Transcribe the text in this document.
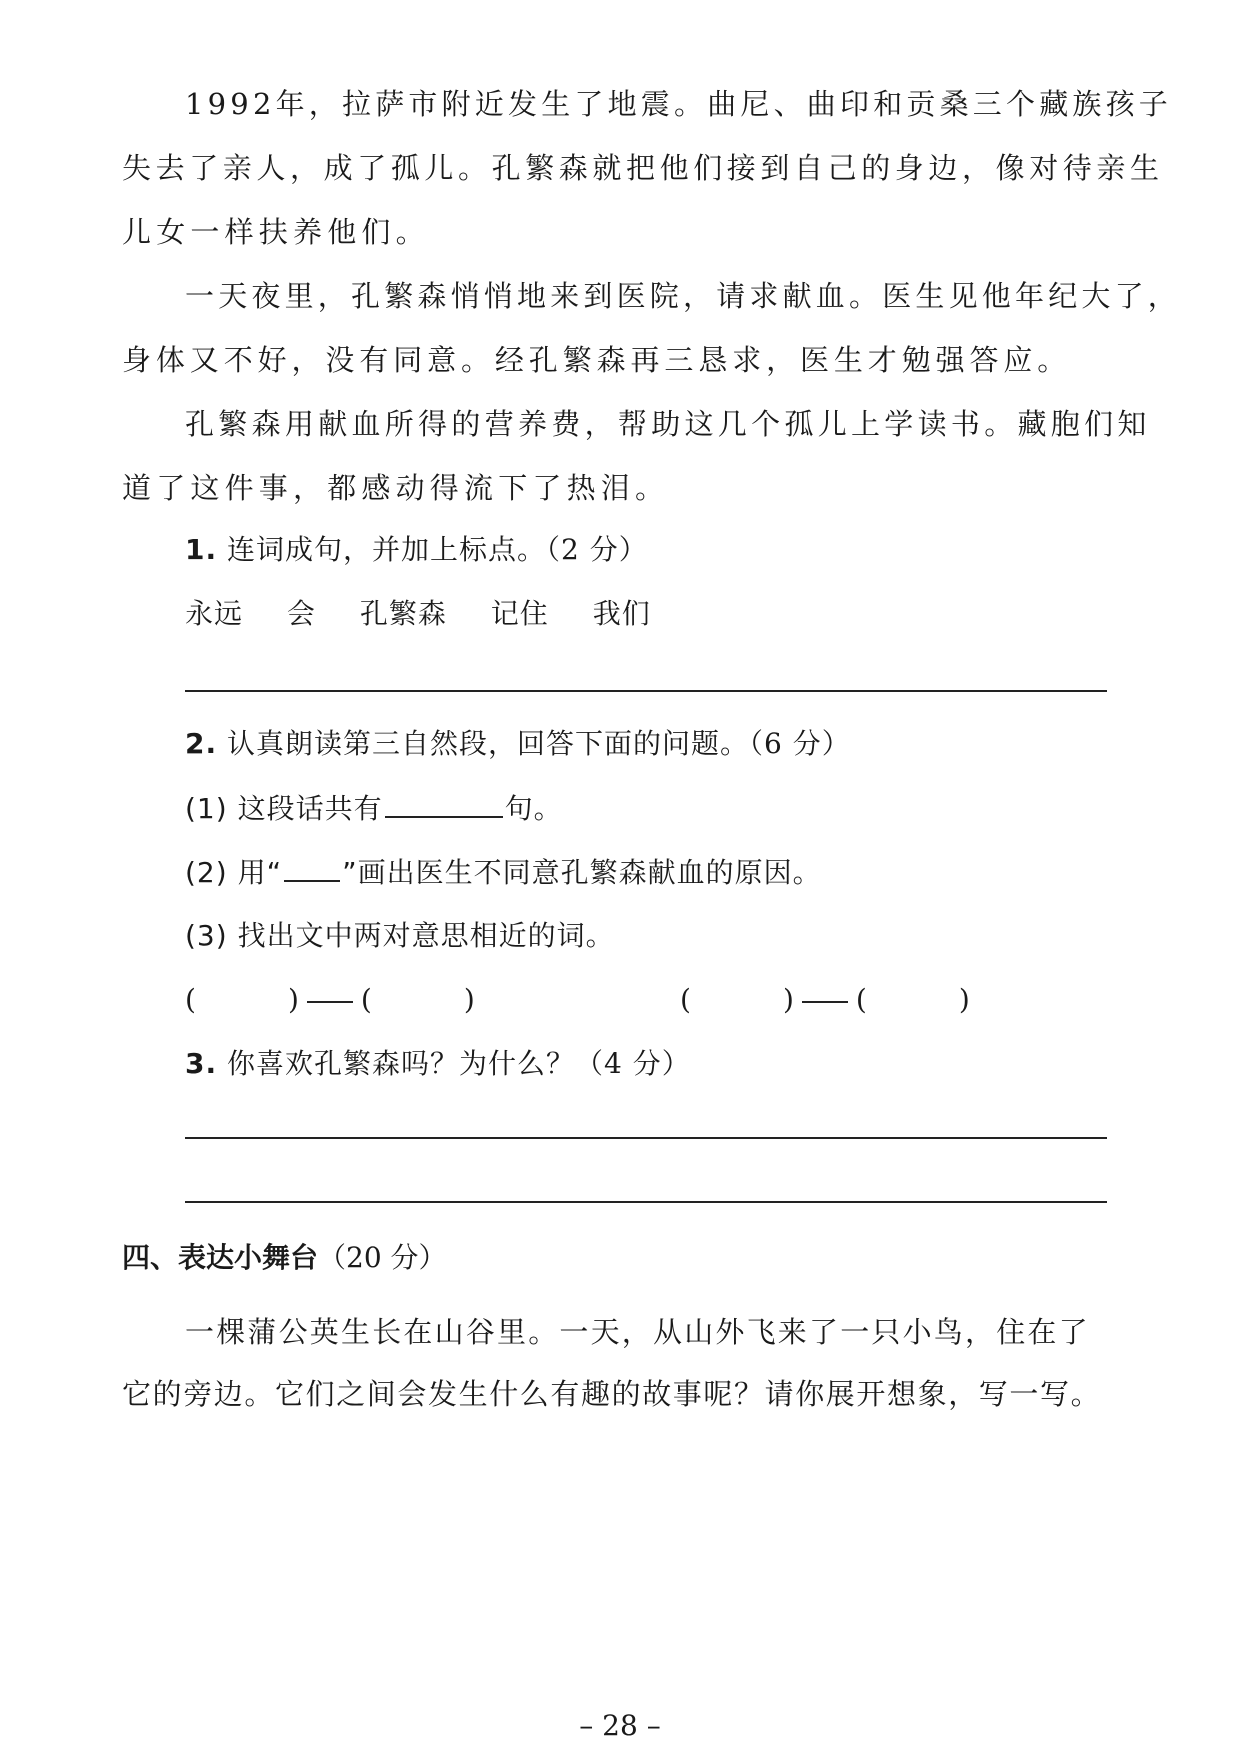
1992年，拉萨市附近发生了地震。曲尼、曲印和贡桑三个藏族孩子
失去了亲人，成了孤儿。孔繁森就把他们接到自己的身边，像对待亲生
儿女一样扶养他们。
一天夜里，孔繁森悄悄地来到医院，请求献血。医生见他年纪大了，
身体又不好，没有同意。经孔繁森再三恳求，医生才勉强答应。
孔繁森用献血所得的营养费，帮助这几个孤儿上学读书。藏胞们知
道了这件事，都感动得流下了热泪。
1. 连词成句，并加上标点。（2 分）
永远 会 孔繁森 记住 我们
2. 认真朗读第三自然段，回答下面的问题。（6 分）
(1) 这段话共有	句。
(2) 用“ ”画出医生不同意孔繁森献血的原因。
(3) 找出文中两对意思相近的词。
(	) (	)	(	) (	)
3. 你喜欢孔繁森吗？为什么？（4 分）
四、表达小舞台（20 分）
一棵蒲公英生长在山谷里。一天，从山外飞来了一只小鸟，住在了
它的旁边。它们之间会发生什么有趣的故事呢？请你展开想象，写一写。
– 28 –
